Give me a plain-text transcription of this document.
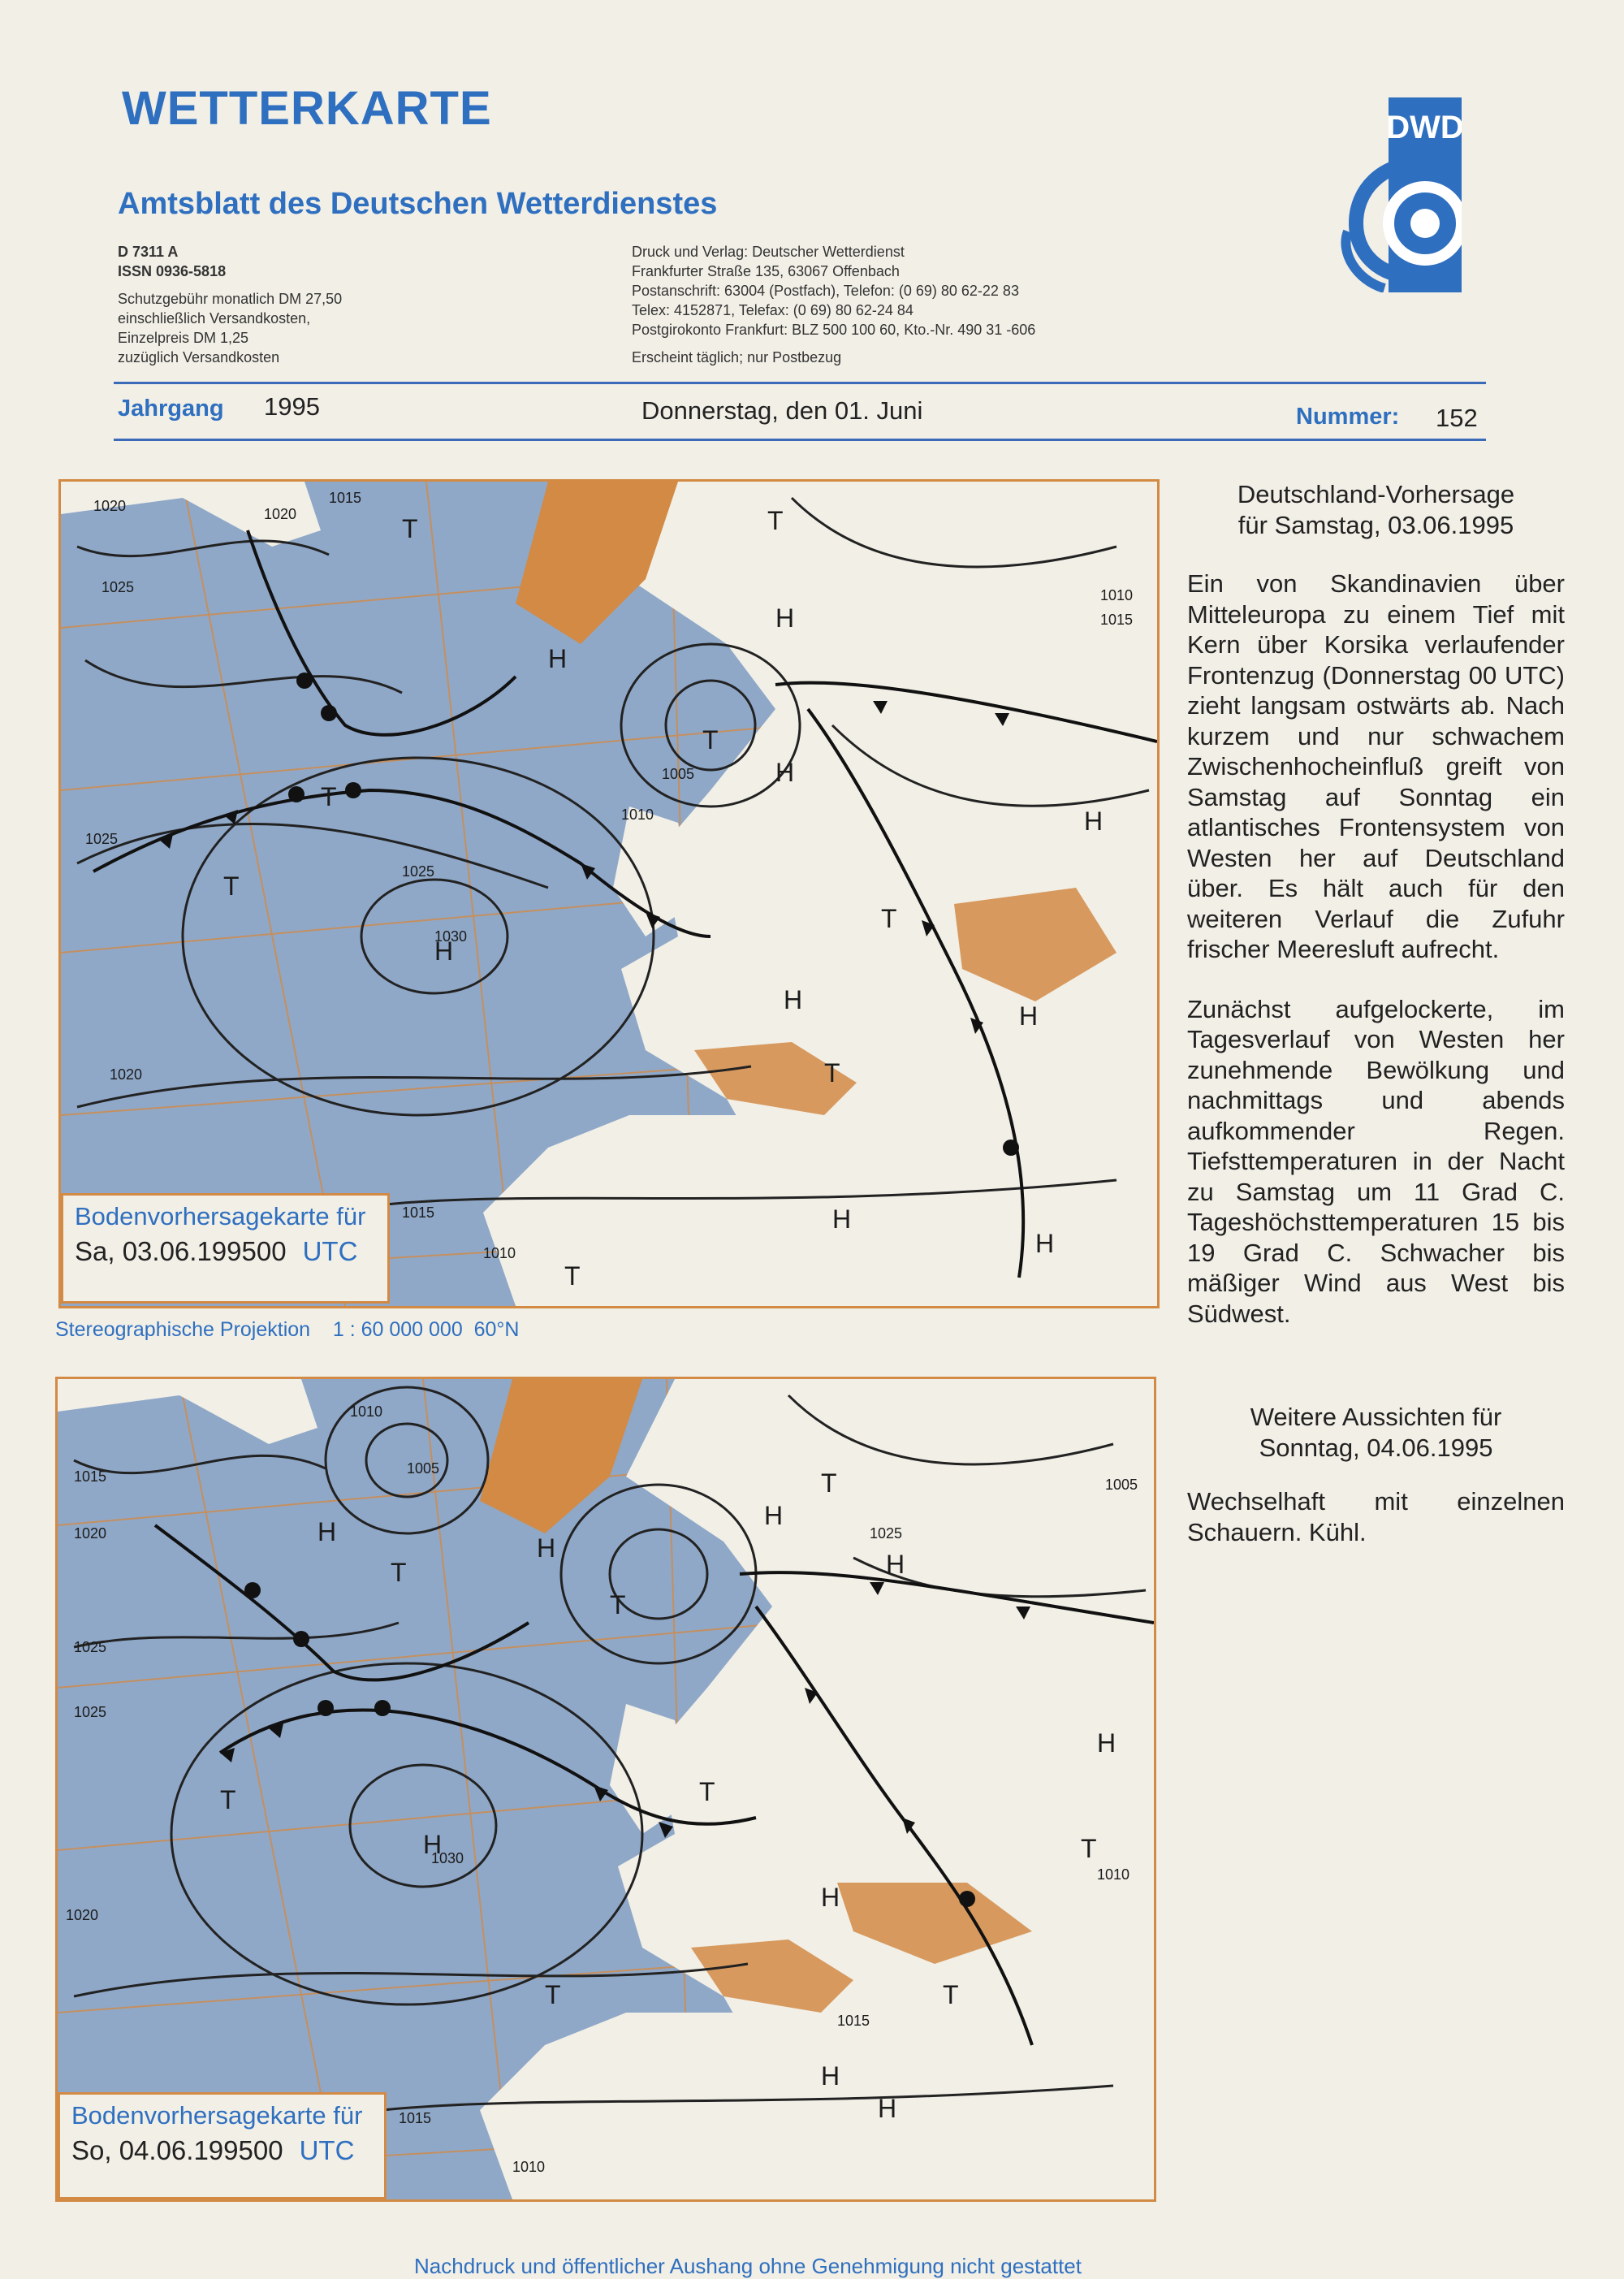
WETTERKARTE
Amtsblatt des Deutschen Wetterdienstes
D 7311 A
ISSN 0936-5818
Schutzgebühr monatlich DM 27,50
einschließlich Versandkosten,
Einzelpreis DM 1,25
zuzüglich Versandkosten
Druck und Verlag: Deutscher Wetterdienst
Frankfurter Straße 135, 63067 Offenbach
Postanschrift: 63004 (Postfach), Telefon: (0 69) 80 62-22 83
Telex: 4152871, Telefax: (0 69) 80 62-24 84
Postgirokonto Frankfurt: BLZ 500 100 60, Kto.-Nr. 490 31 -606
Erscheint täglich; nur Postbezug
DWD
Jahrgang 1995	Donnerstag, den 01. Juni	Nummer: 152
H
H
H
H
H
H
H
H
H
T
T
T
T
T
T
T
T
1020
1025
1015
1020
1025
1030
1025
1005
1010
1020
1015
1010
1010
1015
Bodenvorhersagekarte für
Sa, 03.06.199500 UTC
Stereographische Projektion    1 : 60 000 000  60°N
H
H
H
H
H
H
H
H
H
T
T
T
T
T
T
T
T
1015
1020
1025
1025
1005
1030
1010
1020
1015
1010
1025
1005
1015
1010
Bodenvorhersagekarte für
So, 04.06.199500 UTC
Deutschland-Vorhersage
für Samstag, 03.06.1995
Ein von Skandinavien über Mitteleuropa zu einem Tief mit Kern über Korsika verlaufender Frontenzug (Donnerstag 00 UTC) zieht langsam ostwärts ab. Nach kurzem und nur schwachem Zwischenhocheinfluß greift von Samstag auf Sonntag ein atlantisches Frontensystem von Westen her auf Deutschland über. Es hält auch für den weiteren Verlauf die Zufuhr frischer Meeresluft aufrecht.
Zunächst aufgelockerte, im Tagesverlauf von Westen her zunehmende Bewölkung und nachmittags und abends aufkommender Regen. Tiefsttemperaturen in der Nacht zu Samstag um 11 Grad C. Tageshöchsttemperaturen 15 bis 19 Grad C. Schwacher bis mäßiger Wind aus West bis Südwest.
Weitere Aussichten für
Sonntag, 04.06.1995
Wechselhaft mit einzelnen Schauern. Kühl.
Nachdruck und öffentlicher Aushang ohne Genehmigung nicht gestattet
